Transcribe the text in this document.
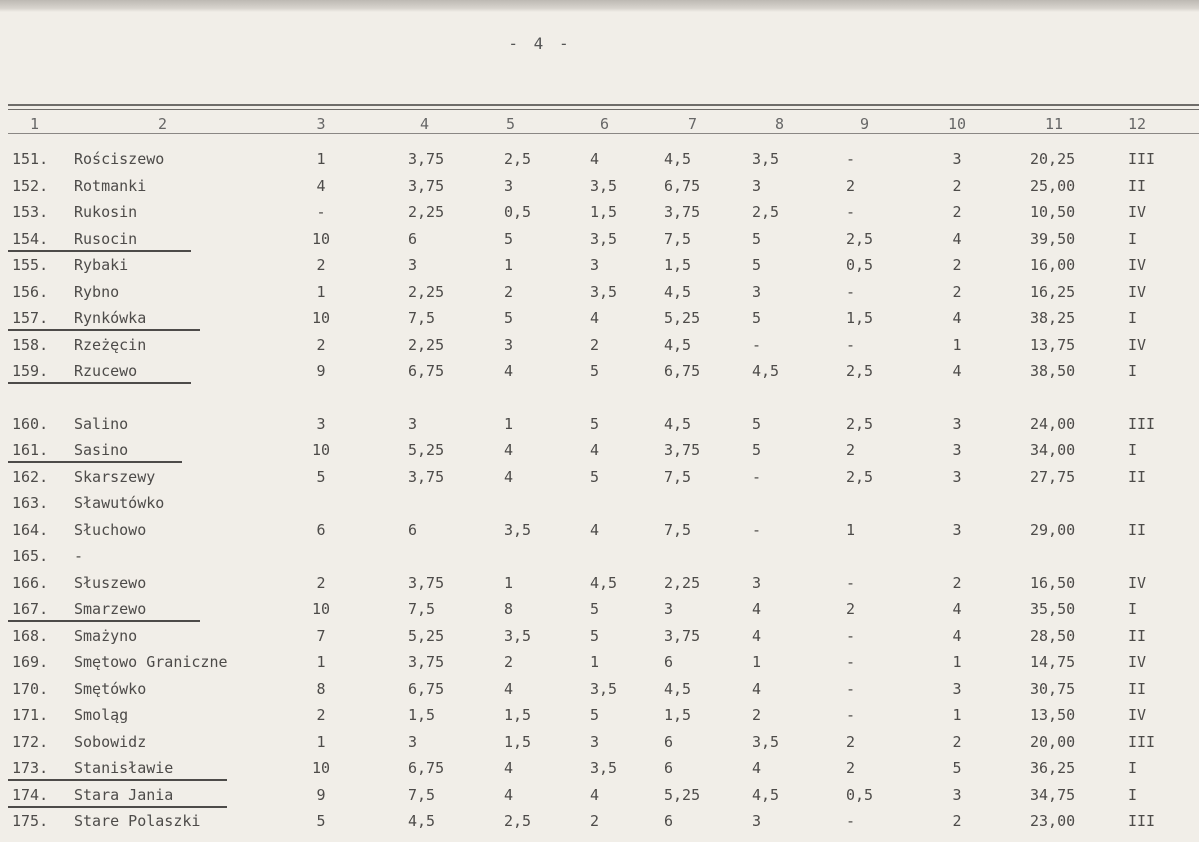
- 4 -
1	2	3	4	5	6	7	8	9	10	11	12
151. Rościszewo	1	3,75	2,5	4	4,5	3,5	-	3	20,25	III
152. Rotmanki	4	3,75	3	3,5	6,75	3	2	2	25,00	II
153. Rukosin	-	2,25	0,5	1,5	3,75	2,5	-	2	10,50	IV
154. Rusocin	10	6	5	3,5	7,5	5	2,5	4	39,50	I
155. Rybaki	2	3	1	3	1,5	5	0,5	2	16,00	IV
156. Rybno	1	2,25	2	3,5	4,5	3	-	2	16,25	IV
157. Rynkówka	10	7,5	5	4	5,25	5	1,5	4	38,25	I
158. Rzeżęcin	2	2,25	3	2	4,5	-	-	1	13,75	IV
159. Rzucewo	9	6,75	4	5	6,75	4,5	2,5	4	38,50	I
160. Salino	3	3	1	5	4,5	5	2,5	3	24,00	III
161. Sasino	10	5,25	4	4	3,75	5	2	3	34,00	I
162. Skarszewy	5	3,75	4	5	7,5	-	2,5	3	27,75	II
163. Sławutówko
164. Słuchowo	6	6	3,5	4	7,5	-	1	3	29,00	II
165. -
166. Słuszewo	2	3,75	1	4,5	2,25	3	-	2	16,50	IV
167. Smarzewo	10	7,5	8	5	3	4	2	4	35,50	I
168. Smażyno	7	5,25	3,5	5	3,75	4	-	4	28,50	II
169. Smętowo Graniczne	1	3,75	2	1	6	1	-	1	14,75	IV
170. Smętówko	8	6,75	4	3,5	4,5	4	-	3	30,75	II
171. Smoląg	2	1,5	1,5	5	1,5	2	-	1	13,50	IV
172. Sobowidz	1	3	1,5	3	6	3,5	2	2	20,00	III
173. Stanisławie	10	6,75	4	3,5	6	4	2	5	36,25	I
174. Stara Jania	9	7,5	4	4	5,25	4,5	0,5	3	34,75	I
175. Stare Polaszki	5	4,5	2,5	2	6	3	-	2	23,00	III
